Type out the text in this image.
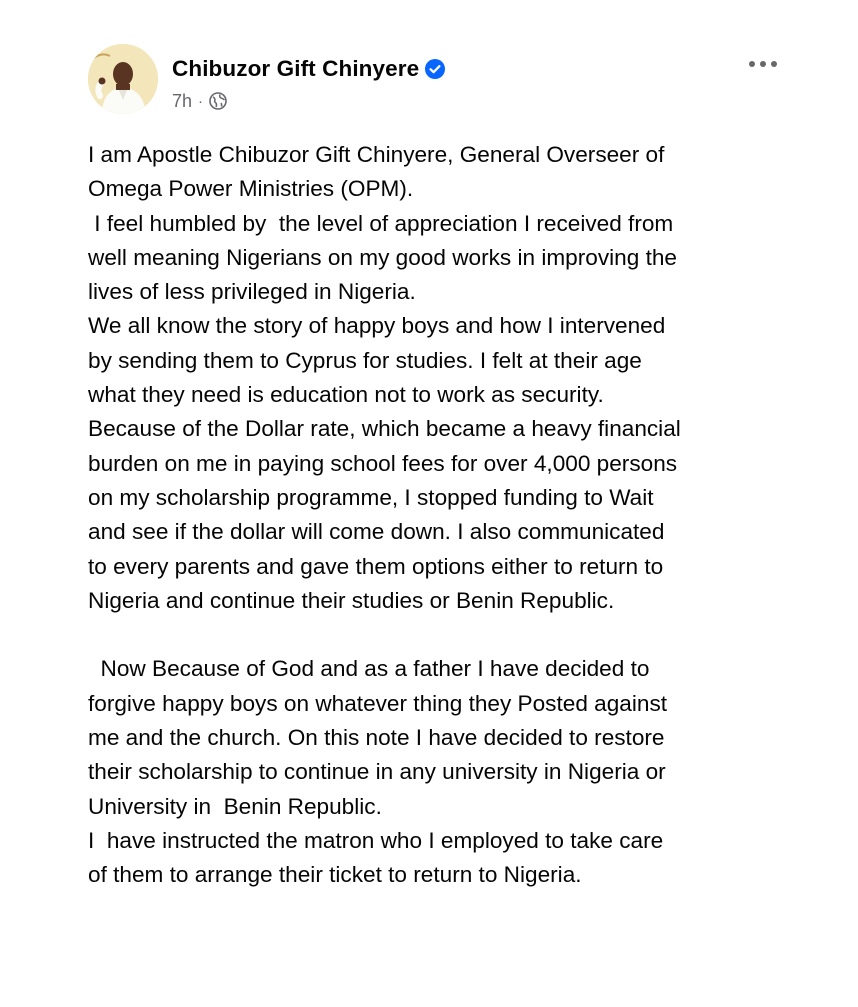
Chibuzor Gift Chinyere
7h ·

I am Apostle Chibuzor Gift Chinyere, General Overseer of

Omega Power Ministries (OPM).

I feel humbled by  the level of appreciation I received from

well meaning Nigerians on my good works in improving the

lives of less privileged in Nigeria.

We all know the story of happy boys and how I intervened

by sending them to Cyprus for studies. I felt at their age

what they need is education not to work as security.

Because of the Dollar rate, which became a heavy financial

burden on me in paying school fees for over 4,000 persons

on my scholarship programme, I stopped funding to Wait

and see if the dollar will come down. I also communicated

to every parents and gave them options either to return to

Nigeria and continue their studies or Benin Republic.

Now Because of God and as a father I have decided to

forgive happy boys on whatever thing they Posted against

me and the church. On this note I have decided to restore

their scholarship to continue in any university in Nigeria or

University in  Benin Republic.

I  have instructed the matron who I employed to take care

of them to arrange their ticket to return to Nigeria.
